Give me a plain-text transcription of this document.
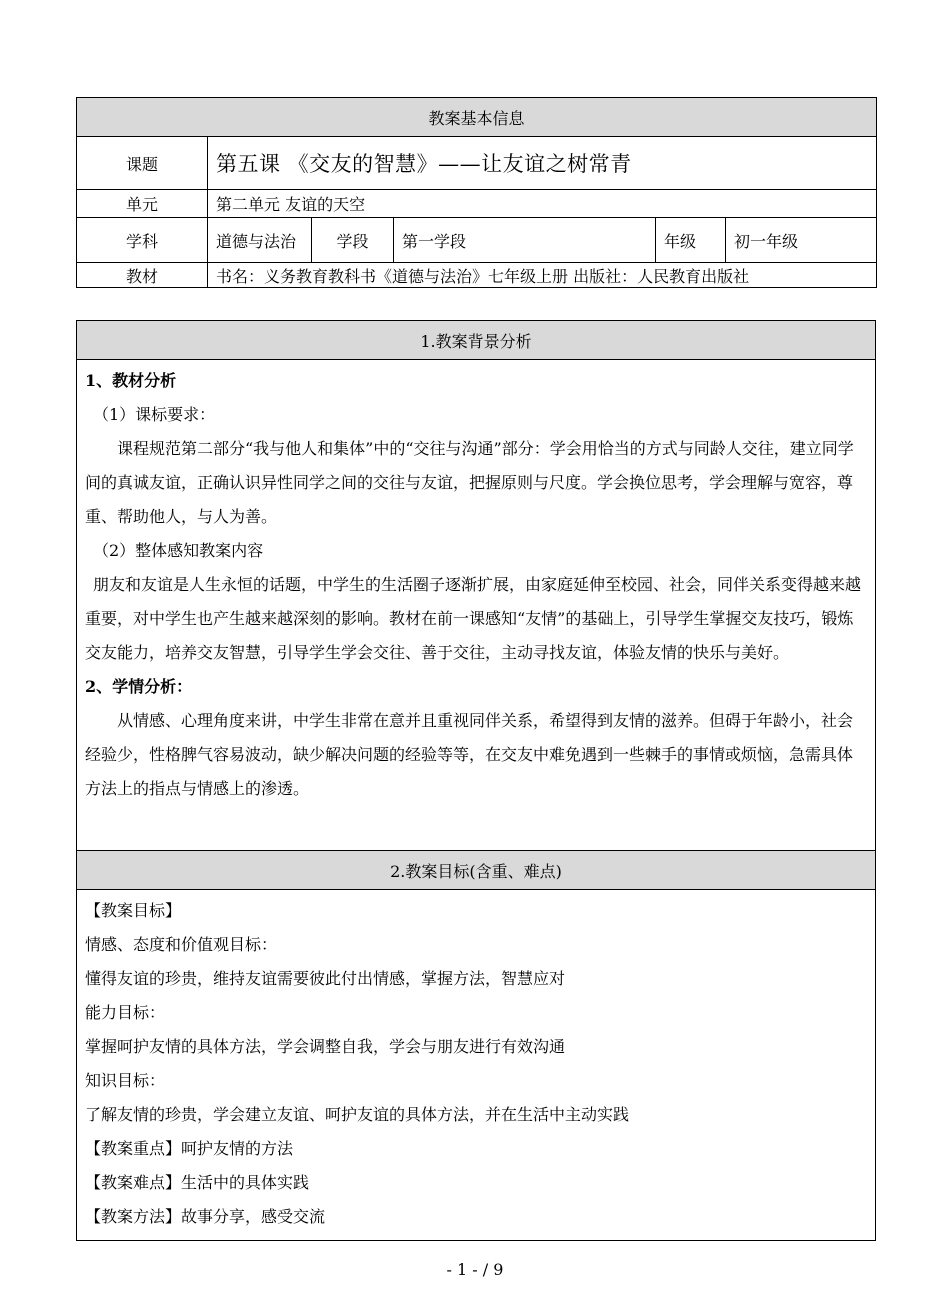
教案基本信息					
课题	第五课 《交友的智慧》——让友谊之树常青				
单元	第二单元 友谊的天空				
学科	道德与法治	学段	第一学段	年级	初一年级
教材	书名：义务教育教科书《道德与法治》七年级上册 出版社：人民教育出版社				
1.教案背景分析

1、教材分析

（1）课标要求：

课程规范第二部分“我与他人和集体”中的“交往与沟通”部分：学会用恰当的方式与同龄人交往，建立同学间的真诚友谊，正确认识异性同学之间的交往与友谊，把握原则与尺度。学会换位思考，学会理解与宽容，尊重、帮助他人，与人为善。

（2）整体感知教案内容

朋友和友谊是人生永恒的话题，中学生的生活圈子逐渐扩展，由家庭延伸至校园、社会，同伴关系变得越来越重要，对中学生也产生越来越深刻的影响。教材在前一课感知“友情”的基础上，引导学生掌握交友技巧，锻炼交友能力，培养交友智慧，引导学生学会交往、善于交往，主动寻找友谊，体验友情的快乐与美好。

2、学情分析：

从情感、心理角度来讲，中学生非常在意并且重视同伴关系，希望得到友情的滋养。但碍于年龄小，社会经验少，性格脾气容易波动，缺少解决问题的经验等等，在交友中难免遇到一些棘手的事情或烦恼，急需具体方法上的指点与情感上的渗透。

2.教案目标(含重、难点)

【教案目标】

情感、态度和价值观目标：

懂得友谊的珍贵，维持友谊需要彼此付出情感，掌握方法，智慧应对

能力目标：

掌握呵护友情的具体方法，学会调整自我，学会与朋友进行有效沟通

知识目标：

了解友情的珍贵，学会建立友谊、呵护友谊的具体方法，并在生活中主动实践

【教案重点】呵护友情的方法

【教案难点】生活中的具体实践

【教案方法】故事分享，感受交流

- 1 - / 9
